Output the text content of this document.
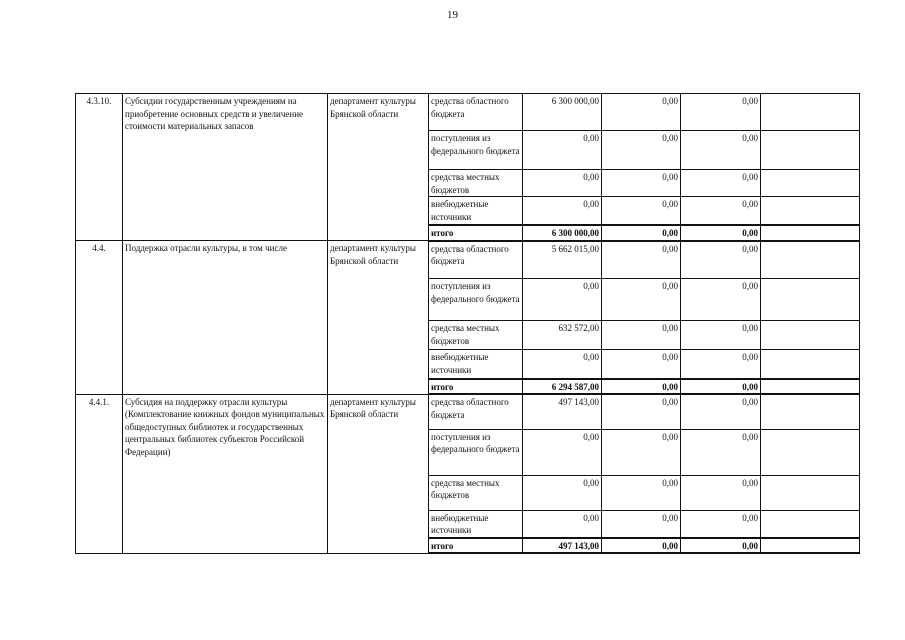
19
4.3.10.	Субсидии государственным учреждениям на приобретение основных средств и увеличение стоимости материальных запасов	департамент культуры Брянской области	средства областного бюджета	6 300 000,00	0,00	0,00	
			поступления из федерального бюджета	0,00	0,00	0,00	
			средства местных бюджетов	0,00	0,00	0,00	
			внебюджетные источники	0,00	0,00	0,00	
			итого	6 300 000,00	0,00	0,00	
4.4.	Поддержка отрасли культуры, в том числе	департамент культуры Брянской области	средства областного бюджета	5 662 015,00	0,00	0,00	
			поступления из федерального бюджета	0,00	0,00	0,00	
			средства местных бюджетов	632 572,00	0,00	0,00	
			внебюджетные источники	0,00	0,00	0,00	
			итого	6 294 587,00	0,00	0,00	
4.4.1.	Субсидия на поддержку отрасли культуры (Комплектование книжных фондов муниципальных общедоступных библиотек и государственных центральных библиотек субъектов Российской Федерации)	департамент культуры Брянской области	средства областного бюджета	497 143,00	0,00	0,00	
			поступления из федерального бюджета	0,00	0,00	0,00	
			средства местных бюджетов	0,00	0,00	0,00	
			внебюджетные источники	0,00	0,00	0,00	
			итого	497 143,00	0,00	0,00	
